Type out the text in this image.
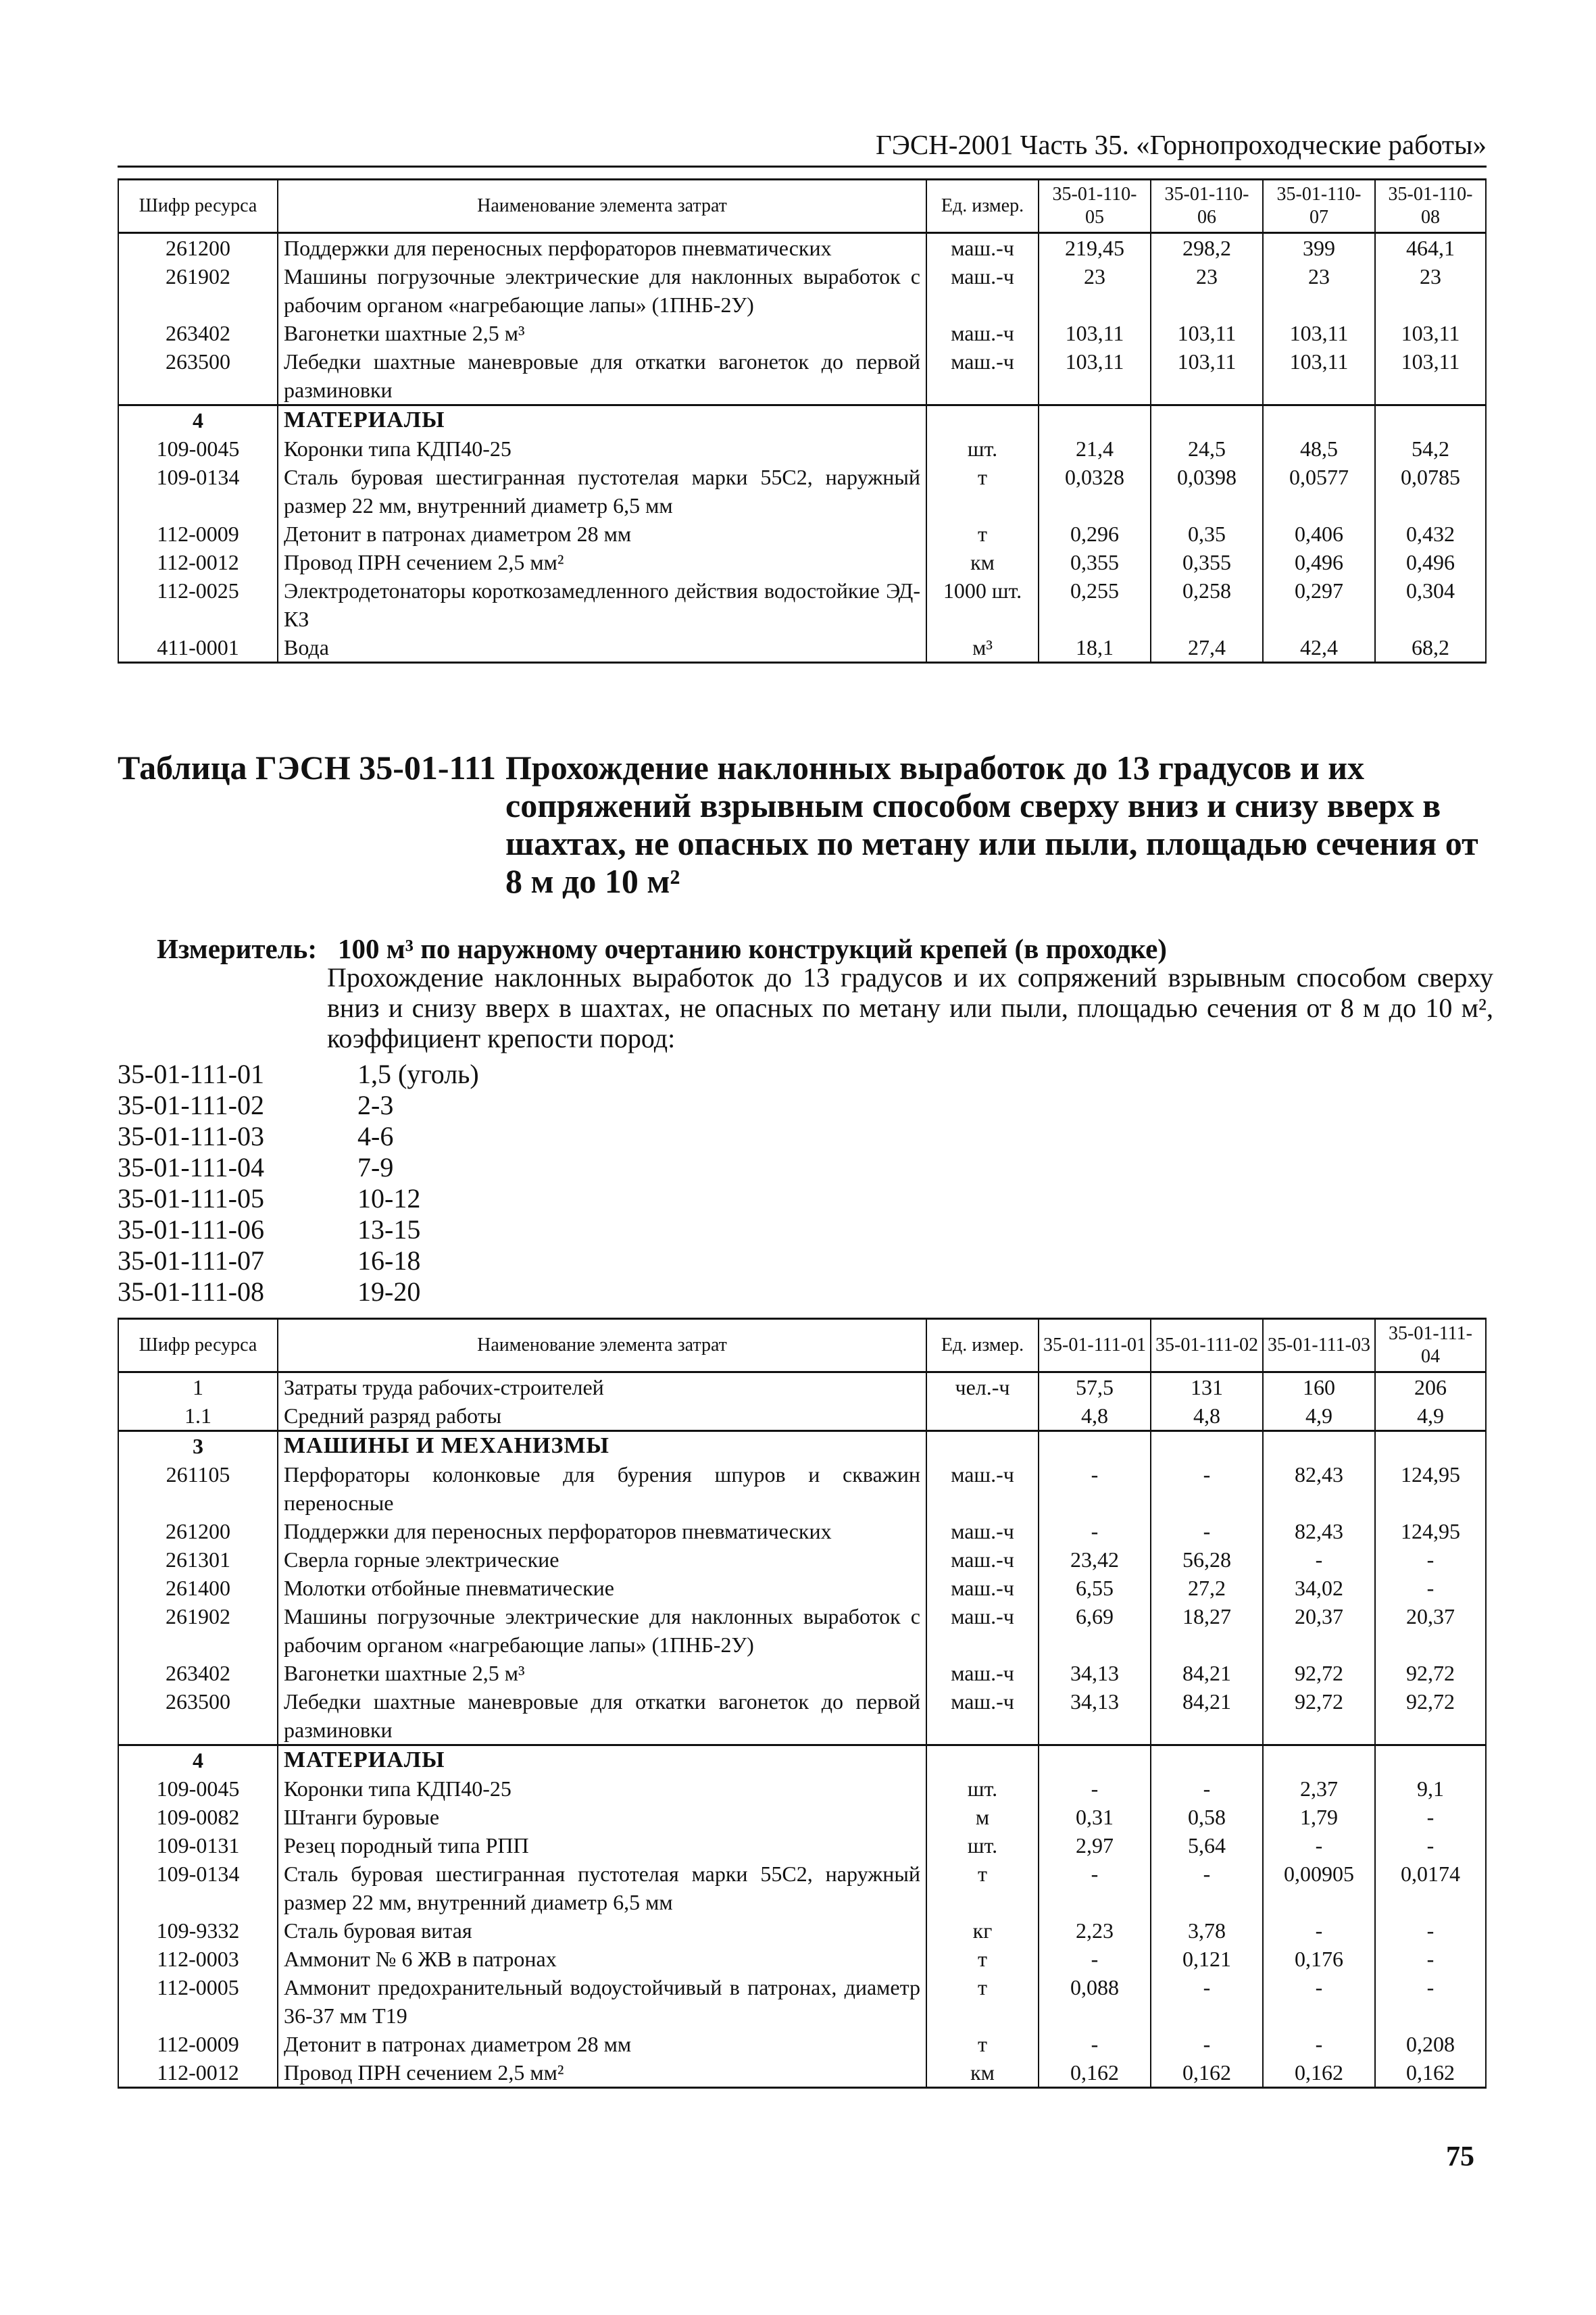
ГЭСН-2001 Часть 35. «Горнопроходческие работы»
Шифр ресурса	Наименование элемента затрат	Ед. измер.	35-01-110-05	35-01-110-06	35-01-110-07	35-01-110-08
261200	Поддержки для переносных перфораторов пневматических	маш.-ч	219,45	298,2	399	464,1
261902	Машины погрузочные электрические для наклонных выработок с рабочим органом «нагребающие лапы» (1ПНБ-2У)	маш.-ч	23	23	23	23
263402	Вагонетки шахтные 2,5 м³	маш.-ч	103,11	103,11	103,11	103,11
263500	Лебедки шахтные маневровые для откатки вагонеток до первой разминовки	маш.-ч	103,11	103,11	103,11	103,11
4	МАТЕРИАЛЫ					
109-0045	Коронки типа КДП40-25	шт.	21,4	24,5	48,5	54,2
109-0134	Сталь буровая шестигранная пустотелая марки 55С2, наружный размер 22 мм, внутренний диаметр 6,5 мм	т	0,0328	0,0398	0,0577	0,0785
112-0009	Детонит в патронах диаметром 28 мм	т	0,296	0,35	0,406	0,432
112-0012	Провод ПРН сечением 2,5 мм²	км	0,355	0,355	0,496	0,496
112-0025	Электродетонаторы короткозамедленного действия водостойкие ЭД-КЗ	1000 шт.	0,255	0,258	0,297	0,304
411-0001	Вода	м³	18,1	27,4	42,4	68,2
Таблица ГЭСН 35-01-111 Прохождение наклонных выработок до 13 градусов и их сопряжений взрывным способом сверху вниз и снизу вверх в шахтах, не опасных по метану или пыли, площадью сечения от 8 м до 10 м²
Измеритель: 100 м³ по наружному очертанию конструкций крепей (в проходке)
Прохождение наклонных выработок до 13 градусов и их сопряжений взрывным способом сверху вниз и снизу вверх в шахтах, не опасных по метану или пыли, площадью сечения от 8 м до 10 м², коэффициент крепости пород:
35-01-111-01	1,5 (уголь)
35-01-111-02	2-3
35-01-111-03	4-6
35-01-111-04	7-9
35-01-111-05	10-12
35-01-111-06	13-15
35-01-111-07	16-18
35-01-111-08	19-20
Шифр ресурса	Наименование элемента затрат	Ед. измер.	35-01-111-01	35-01-111-02	35-01-111-03	35-01-111-04
1	Затраты труда рабочих-строителей	чел.-ч	57,5	131	160	206
1.1	Средний разряд работы		4,8	4,8	4,9	4,9
3	МАШИНЫ И МЕХАНИЗМЫ					
261105	Перфораторы колонковые для бурения шпуров и скважин переносные	маш.-ч	-	-	82,43	124,95
261200	Поддержки для переносных перфораторов пневматических	маш.-ч	-	-	82,43	124,95
261301	Сверла горные электрические	маш.-ч	23,42	56,28	-	-
261400	Молотки отбойные пневматические	маш.-ч	6,55	27,2	34,02	-
261902	Машины погрузочные электрические для наклонных выработок с рабочим органом «нагребающие лапы» (1ПНБ-2У)	маш.-ч	6,69	18,27	20,37	20,37
263402	Вагонетки шахтные 2,5 м³	маш.-ч	34,13	84,21	92,72	92,72
263500	Лебедки шахтные маневровые для откатки вагонеток до первой разминовки	маш.-ч	34,13	84,21	92,72	92,72
4	МАТЕРИАЛЫ					
109-0045	Коронки типа КДП40-25	шт.	-	-	2,37	9,1
109-0082	Штанги буровые	м	0,31	0,58	1,79	-
109-0131	Резец породный типа РПП	шт.	2,97	5,64	-	-
109-0134	Сталь буровая шестигранная пустотелая марки 55С2, наружный размер 22 мм, внутренний диаметр 6,5 мм	т	-	-	0,00905	0,0174
109-9332	Сталь буровая витая	кг	2,23	3,78	-	-
112-0003	Аммонит № 6 ЖВ в патронах	т	-	0,121	0,176	-
112-0005	Аммонит предохранительный водоустойчивый в патронах, диаметр 36-37 мм Т19	т	0,088	-	-	-
112-0009	Детонит в патронах диаметром 28 мм	т	-	-	-	0,208
112-0012	Провод ПРН сечением 2,5 мм²	км	0,162	0,162	0,162	0,162
75
